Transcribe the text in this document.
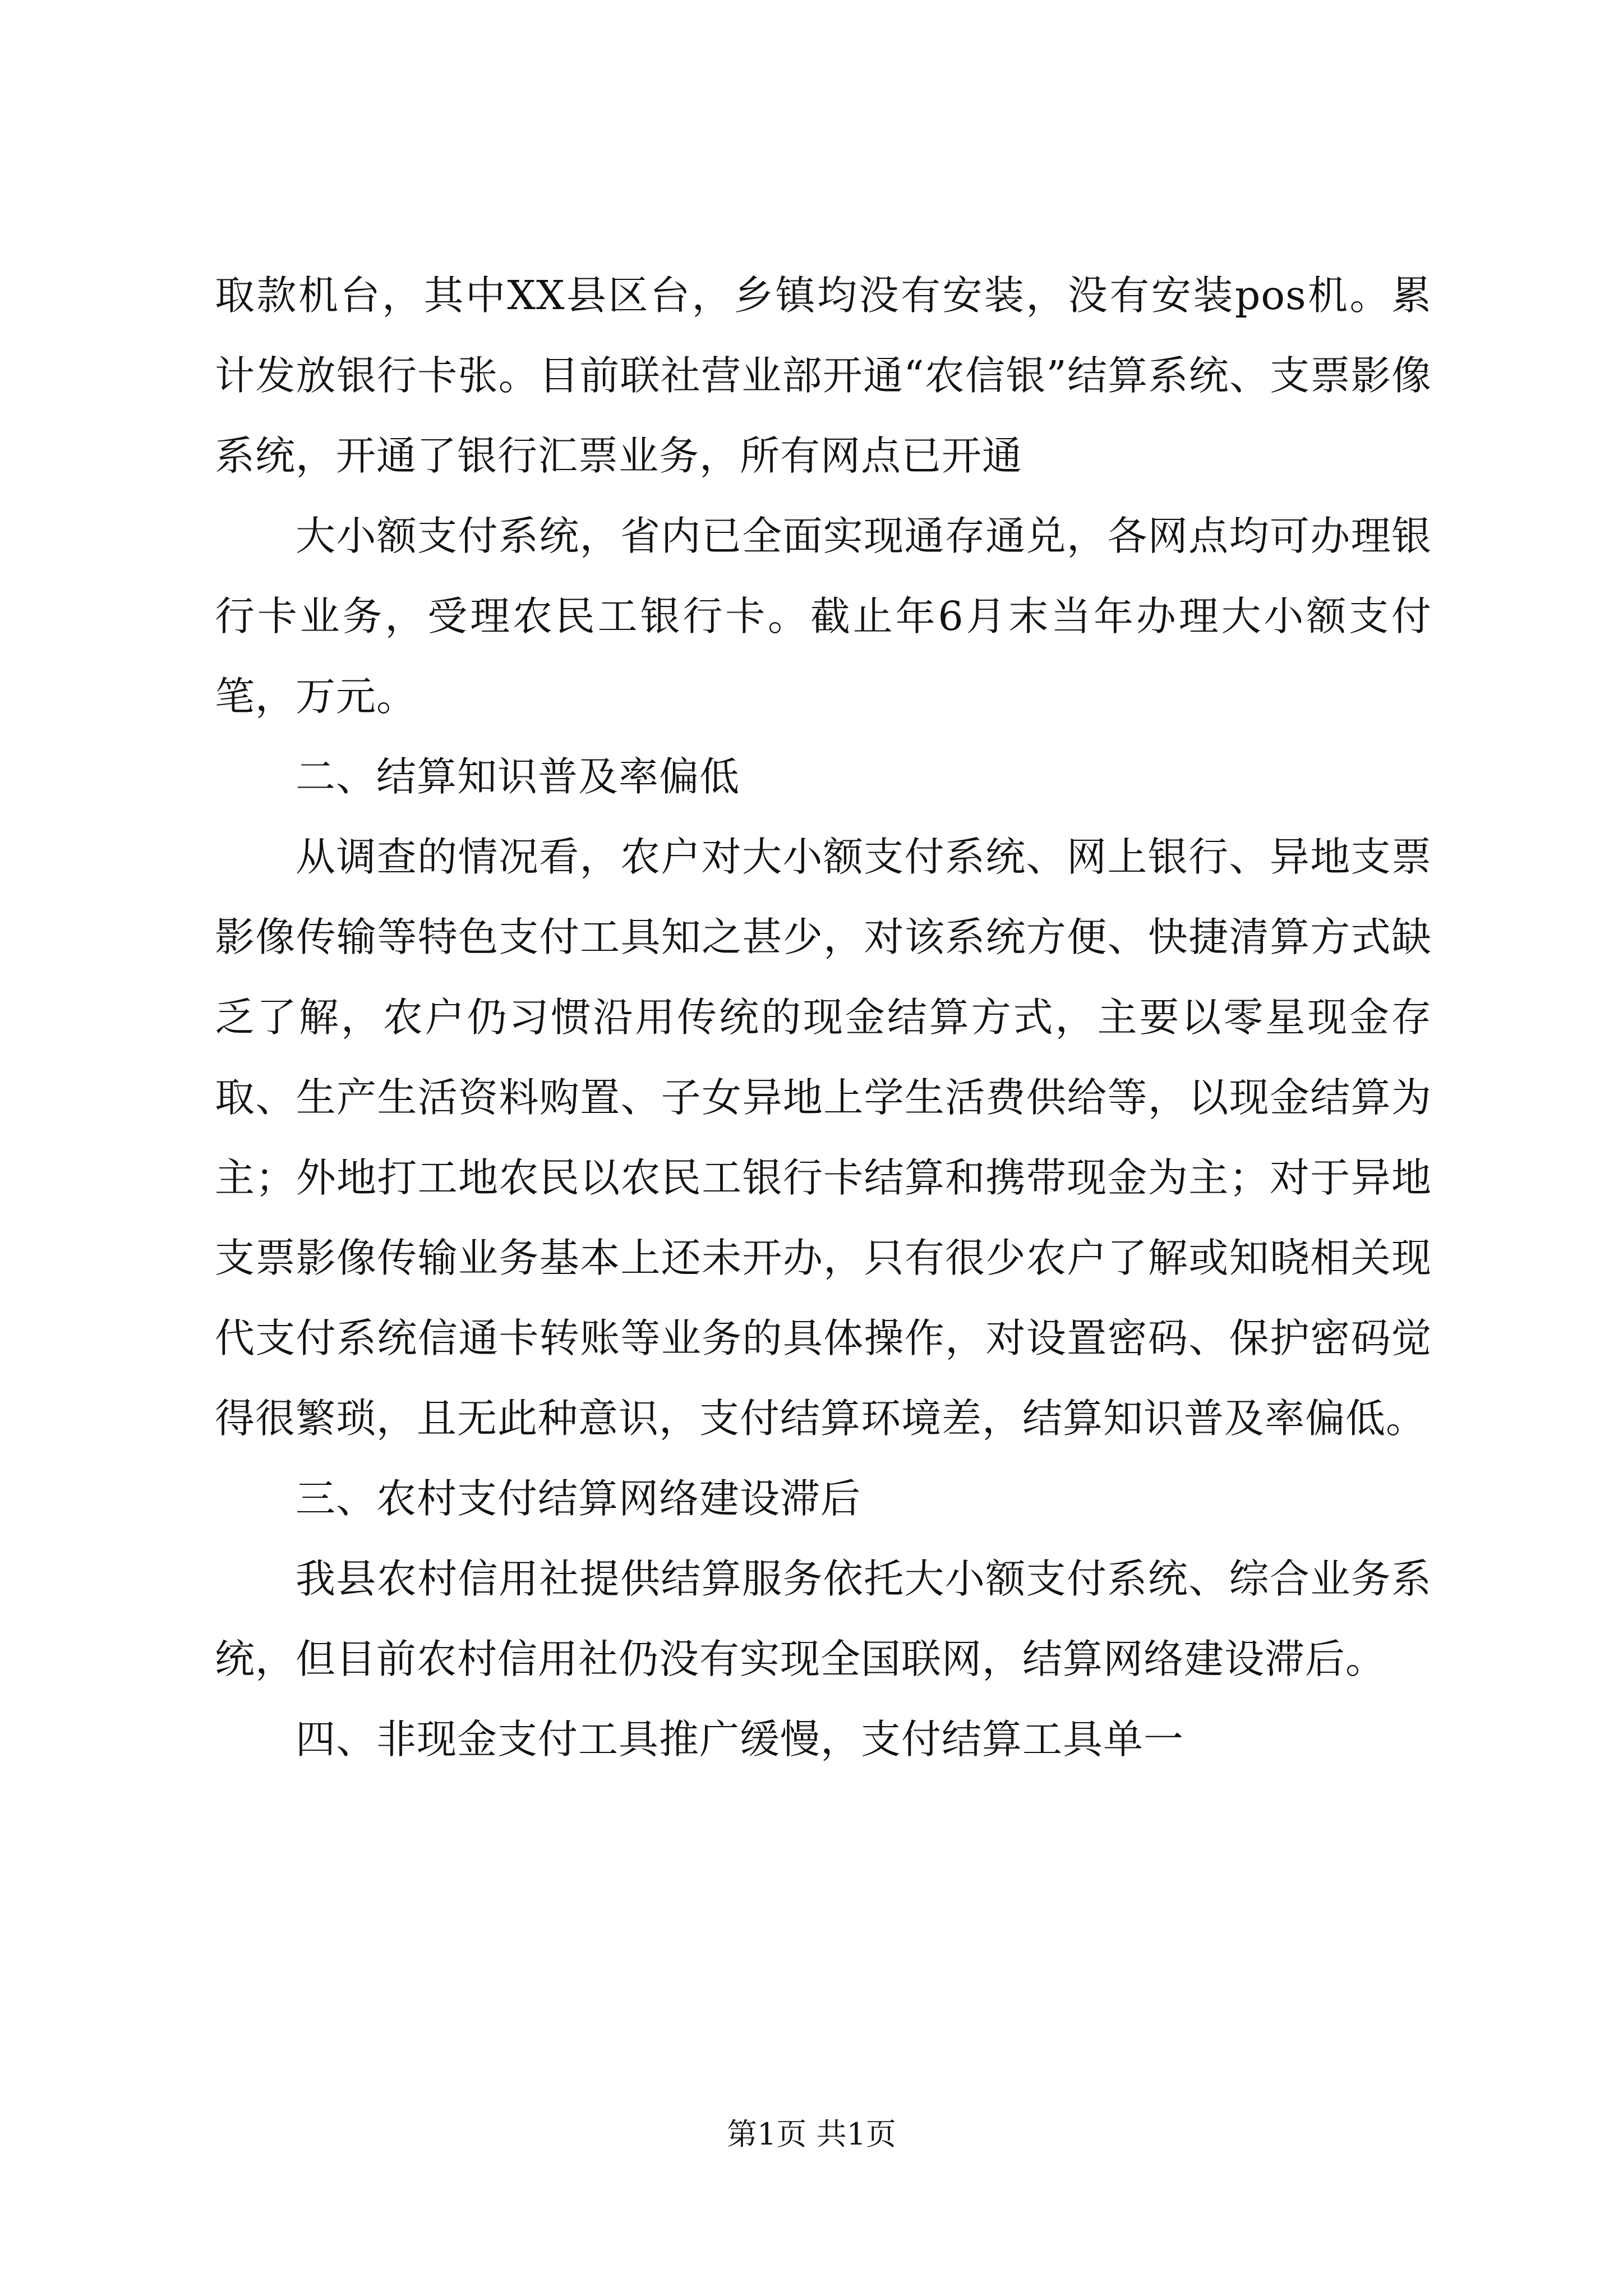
取款机台，其中XX县区台，乡镇均没有安装，没有安装pos机。累计发放银行卡张。目前联社营业部开通“农信银”结算系统、支票影像系统，开通了银行汇票业务，所有网点已开通

大小额支付系统，省内已全面实现通存通兑，各网点均可办理银行卡业务，受理农民工银行卡。截止年6月末当年办理大小额支付笔，万元。

二、结算知识普及率偏低

从调查的情况看，农户对大小额支付系统、网上银行、异地支票影像传输等特色支付工具知之甚少，对该系统方便、快捷清算方式缺乏了解，农户仍习惯沿用传统的现金结算方式，主要以零星现金存取、生产生活资料购置、子女异地上学生活费供给等，以现金结算为主；外地打工地农民以农民工银行卡结算和携带现金为主；对于异地支票影像传输业务基本上还未开办，只有很少农户了解或知晓相关现代支付系统信通卡转账等业务的具体操作，对设置密码、保护密码觉得很繁琐，且无此种意识，支付结算环境差，结算知识普及率偏低。

三、农村支付结算网络建设滞后

我县农村信用社提供结算服务依托大小额支付系统、综合业务系统，但目前农村信用社仍没有实现全国联网，结算网络建设滞后。

四、非现金支付工具推广缓慢，支付结算工具单一

第1页 共1页
